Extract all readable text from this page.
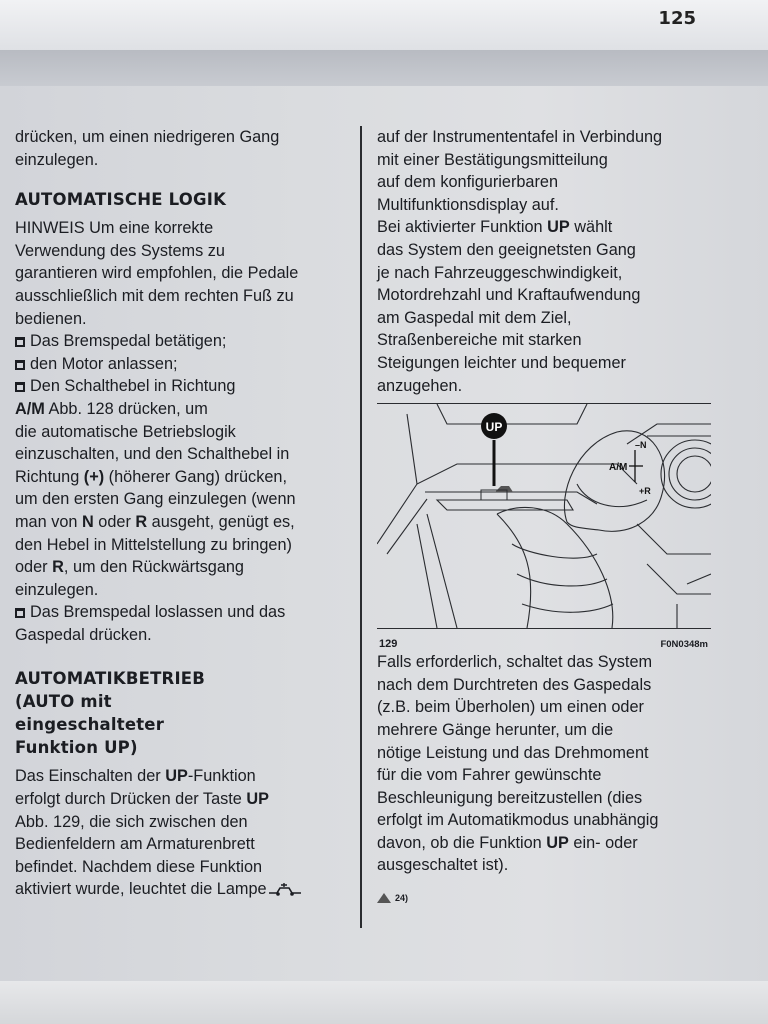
125

drücken, um einen niedrigeren Gang
einzulegen.

AUTOMATISCHE LOGIK

HINWEIS Um eine korrekte
Verwendung des Systems zu
garantieren wird empfohlen, die Pedale
ausschließlich mit dem rechten Fuß zu
bedienen.

Das Bremspedal betätigen;
den Motor anlassen;
Den Schalthebel in Richtung
A/M Abb. 128 drücken, um
die automatische Betriebslogik
einzuschalten, und den Schalthebel in
Richtung (+) (höherer Gang) drücken,
um den ersten Gang einzulegen (wenn
man von N oder R ausgeht, genügt es,
den Hebel in Mittelstellung zu bringen)
oder R, um den Rückwärtsgang
einzulegen.
Das Bremspedal loslassen und das
Gaspedal drücken.

AUTOMATIKBETRIEB
(AUTO mit
eingeschalteter
Funktion UP)

Das Einschalten der UP-Funktion
erfolgt durch Drücken der Taste UP
Abb. 129, die sich zwischen den
Bedienfeldern am Armaturenbrett
befindet. Nachdem diese Funktion
aktiviert wurde, leuchtet die Lampe

auf der Instrumententafel in Verbindung
mit einer Bestätigungsmitteilung
auf dem konfigurierbaren
Multifunktionsdisplay auf.

Bei aktivierter Funktion UP wählt
das System den geeignetsten Gang
je nach Fahrzeuggeschwindigkeit,
Motordrehzahl und Kraftaufwendung
am Gaspedal mit dem Ziel,
Straßenbereiche mit starken
Steigungen leichter und bequemer
anzugehen.

UP
A/M
–N
+R
129	F0N0348m

Falls erforderlich, schaltet das System
nach dem Durchtreten des Gaspedals
(z.B. beim Überholen) um einen oder
mehrere Gänge herunter, um die
nötige Leistung und das Drehmoment
für die vom Fahrer gewünschte
Beschleunigung bereitzustellen (dies
erfolgt im Automatikmodus unabhängig
davon, ob die Funktion UP ein- oder
ausgeschaltet ist).

24)
